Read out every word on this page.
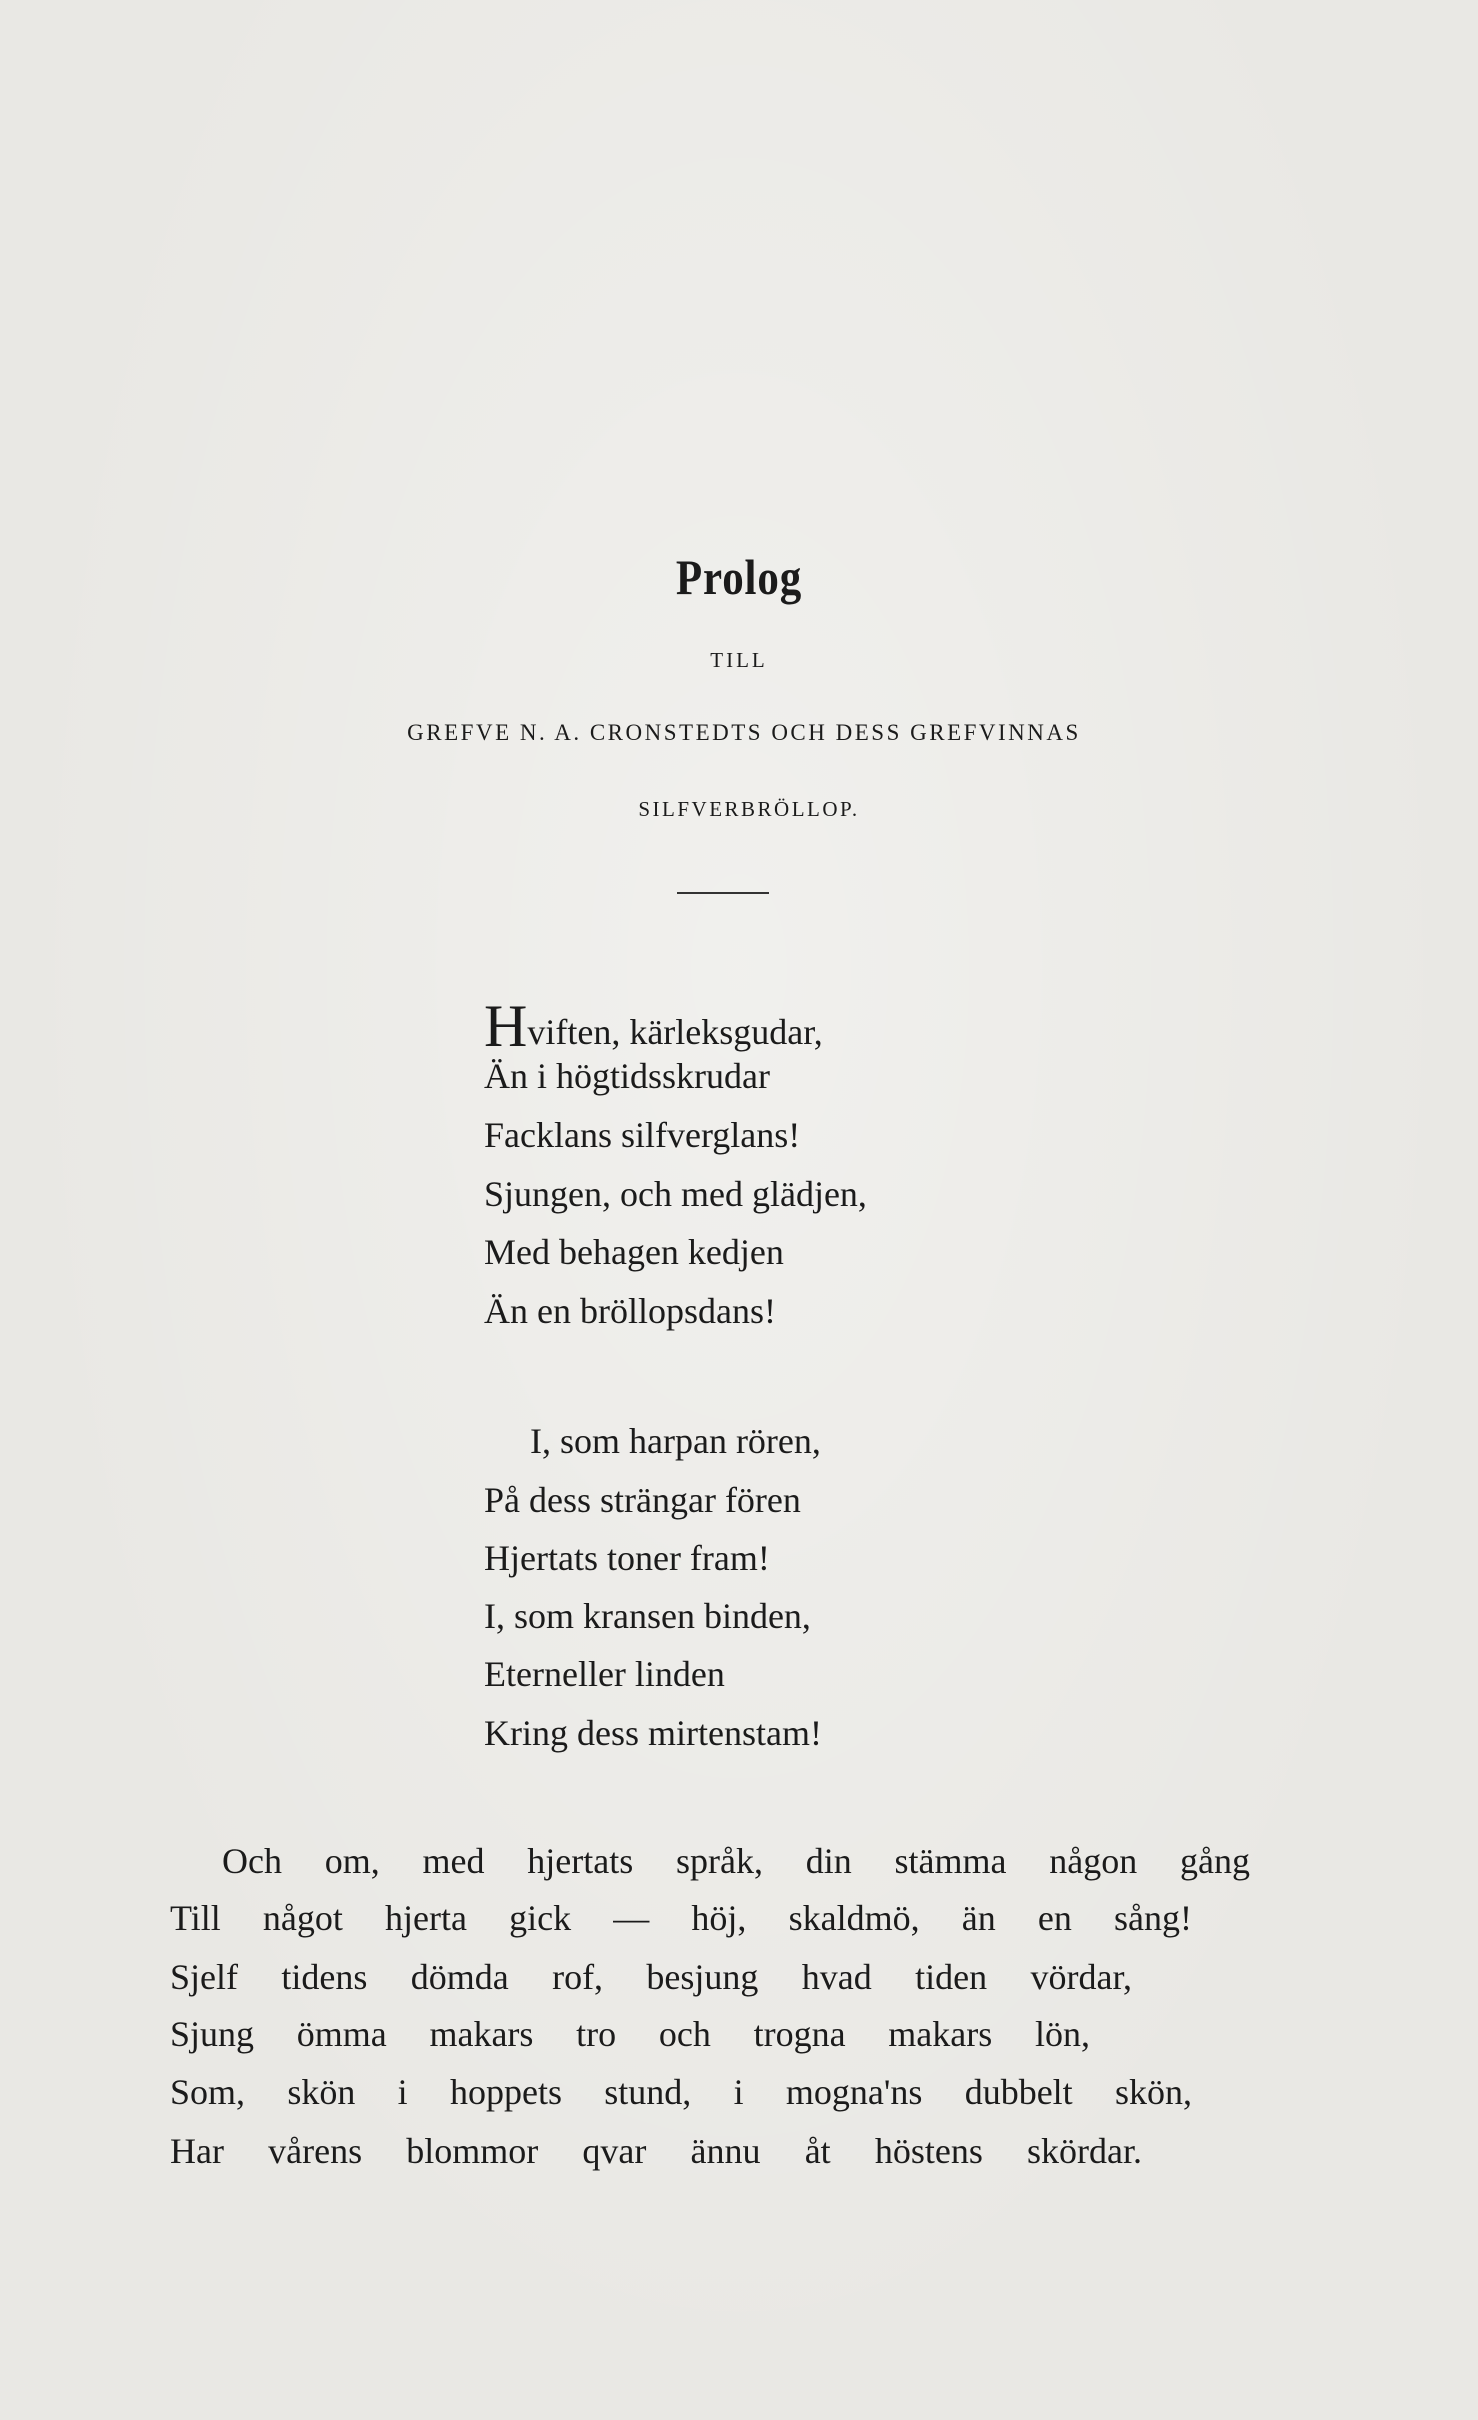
Prolog
TILL
GREFVE N. A. CRONSTEDTS OCH DESS GREFVINNAS
SILFVERBRÖLLOP.
Hviften, kärleksgudar,
Än i högtidsskrudar
Facklans silfverglans!
Sjungen, och med glädjen,
Med behagen kedjen
Än en bröllopsdans!
I, som harpan rören,
På dess strängar fören
Hjertats toner fram!
I, som kransen binden,
Eterneller linden
Kring dess mirtenstam!
Och om, med hjertats språk, din stämma någon gång
Till något hjerta gick — höj, skaldmö, än en sång!
Sjelf tidens dömda rof, besjung hvad tiden vördar,
Sjung ömma makars tro och trogna makars lön,
Som, skön i hoppets stund, i mogna'ns dubbelt skön,
Har vårens blommor qvar ännu åt höstens skördar.
